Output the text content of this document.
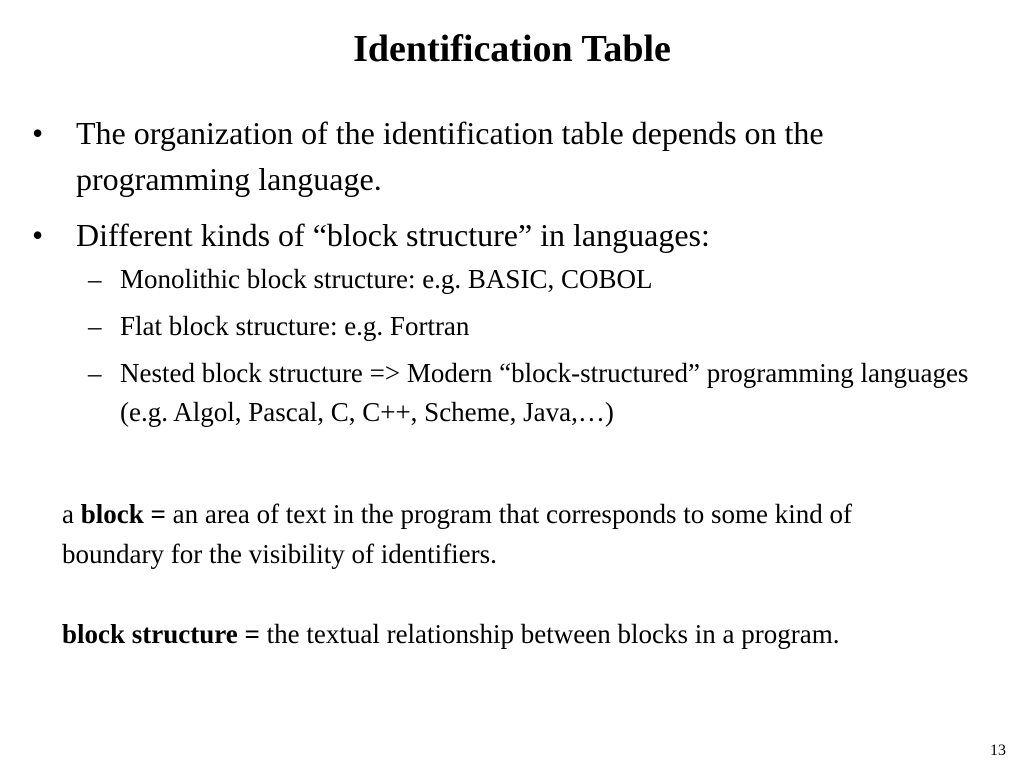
Identification Table
•	The organization of the identification table depends on the programming language.
•	Different kinds of “block structure” in languages:
– Monolithic block structure: e.g. BASIC, COBOL
– Flat block structure: e.g. Fortran
– Nested block structure => Modern “block-structured” programming languages (e.g. Algol, Pascal, C, C++, Scheme, Java,…)

a block = an area of text in the program that corresponds to some kind of boundary for the visibility of identifiers.

block structure = the textual relationship between blocks in a program.

13
